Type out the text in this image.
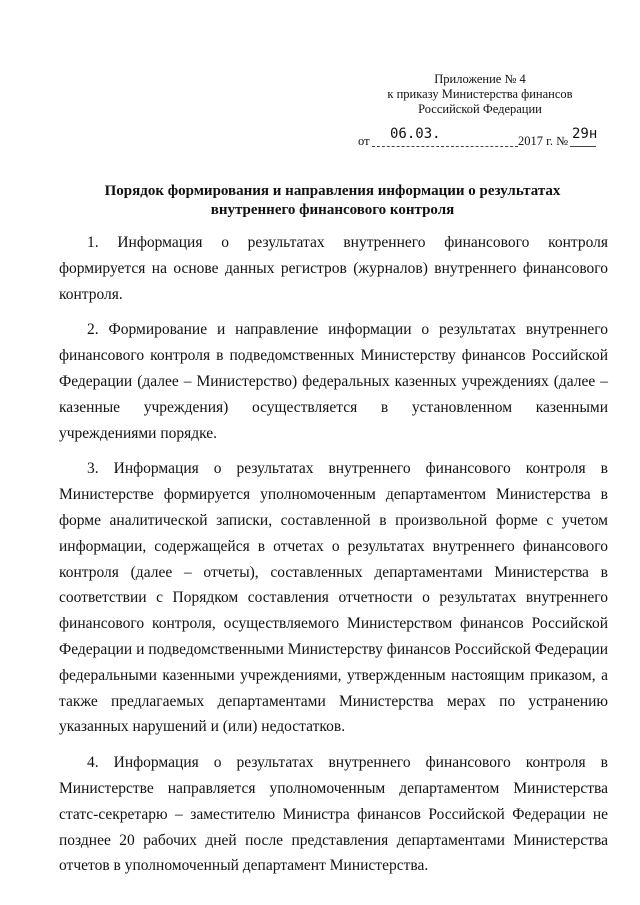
Приложение № 4
к приказу Министерства финансов
Российской Федерации
от 06.03.	2017 г. № 29н
Порядок формирования и направления информации о результатах
внутреннего финансового контроля

1. Информация о результатах внутреннего финансового контроля формируется на основе данных регистров (журналов) внутреннего финансового контроля.

2. Формирование и направление информации о результатах внутреннего финансового контроля в подведомственных Министерству финансов Российской Федерации (далее – Министерство) федеральных казенных учреждениях (далее – казенные учреждения) осуществляется в установленном казенными учреждениями порядке.

3. Информация о результатах внутреннего финансового контроля в Министерстве формируется уполномоченным департаментом Министерства в форме аналитической записки, составленной в произвольной форме с учетом информации, содержащейся в отчетах о результатах внутреннего финансового контроля (далее – отчеты), составленных департаментами Министерства в соответствии с Порядком составления отчетности о результатах внутреннего финансового контроля, осуществляемого Министерством финансов Российской Федерации и подведомственными Министерству финансов Российской Федерации федеральными казенными учреждениями, утвержденным настоящим приказом, а также предлагаемых департаментами Министерства мерах по устранению указанных нарушений и (или) недостатков.

4. Информация о результатах внутреннего финансового контроля в Министерстве направляется уполномоченным департаментом Министерства статс-секретарю – заместителю Министра финансов Российской Федерации не позднее 20 рабочих дней после представления департаментами Министерства отчетов в уполномоченный департамент Министерства.
